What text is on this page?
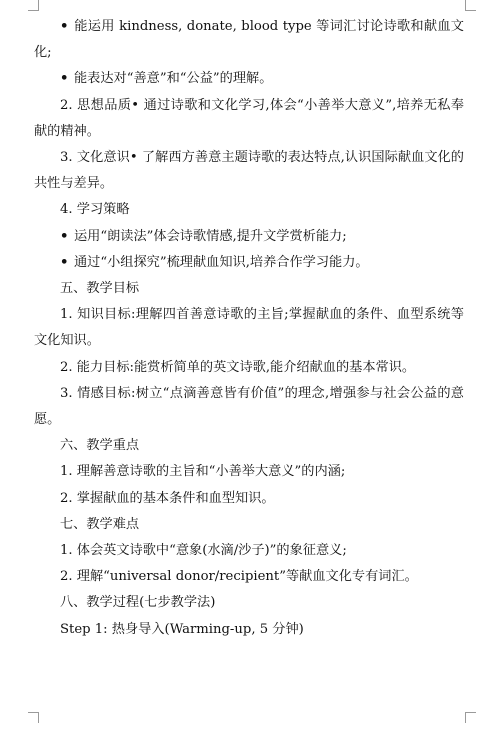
• 能运用 kindness, donate, blood type 等词汇讨论诗歌和献血文化;

• 能表达对“善意”和“公益”的理解。

2. 思想品质• 通过诗歌和文化学习,体会“小善举大意义”,培养无私奉献的精神。

3. 文化意识• 了解西方善意主题诗歌的表达特点,认识国际献血文化的共性与差异。

4. 学习策略

• 运用“朗读法”体会诗歌情感,提升文学赏析能力;

• 通过“小组探究”梳理献血知识,培养合作学习能力。

五、教学目标

1. 知识目标:理解四首善意诗歌的主旨;掌握献血的条件、血型系统等文化知识。

2. 能力目标:能赏析简单的英文诗歌,能介绍献血的基本常识。

3. 情感目标:树立“点滴善意皆有价值”的理念,增强参与社会公益的意愿。

六、教学重点

1. 理解善意诗歌的主旨和“小善举大意义”的内涵;

2. 掌握献血的基本条件和血型知识。

七、教学难点

1. 体会英文诗歌中“意象(水滴/沙子)”的象征意义;

2. 理解“universal donor/recipient”等献血文化专有词汇。

八、教学过程(七步教学法)

Step 1: 热身导入(Warming-up, 5 分钟)
